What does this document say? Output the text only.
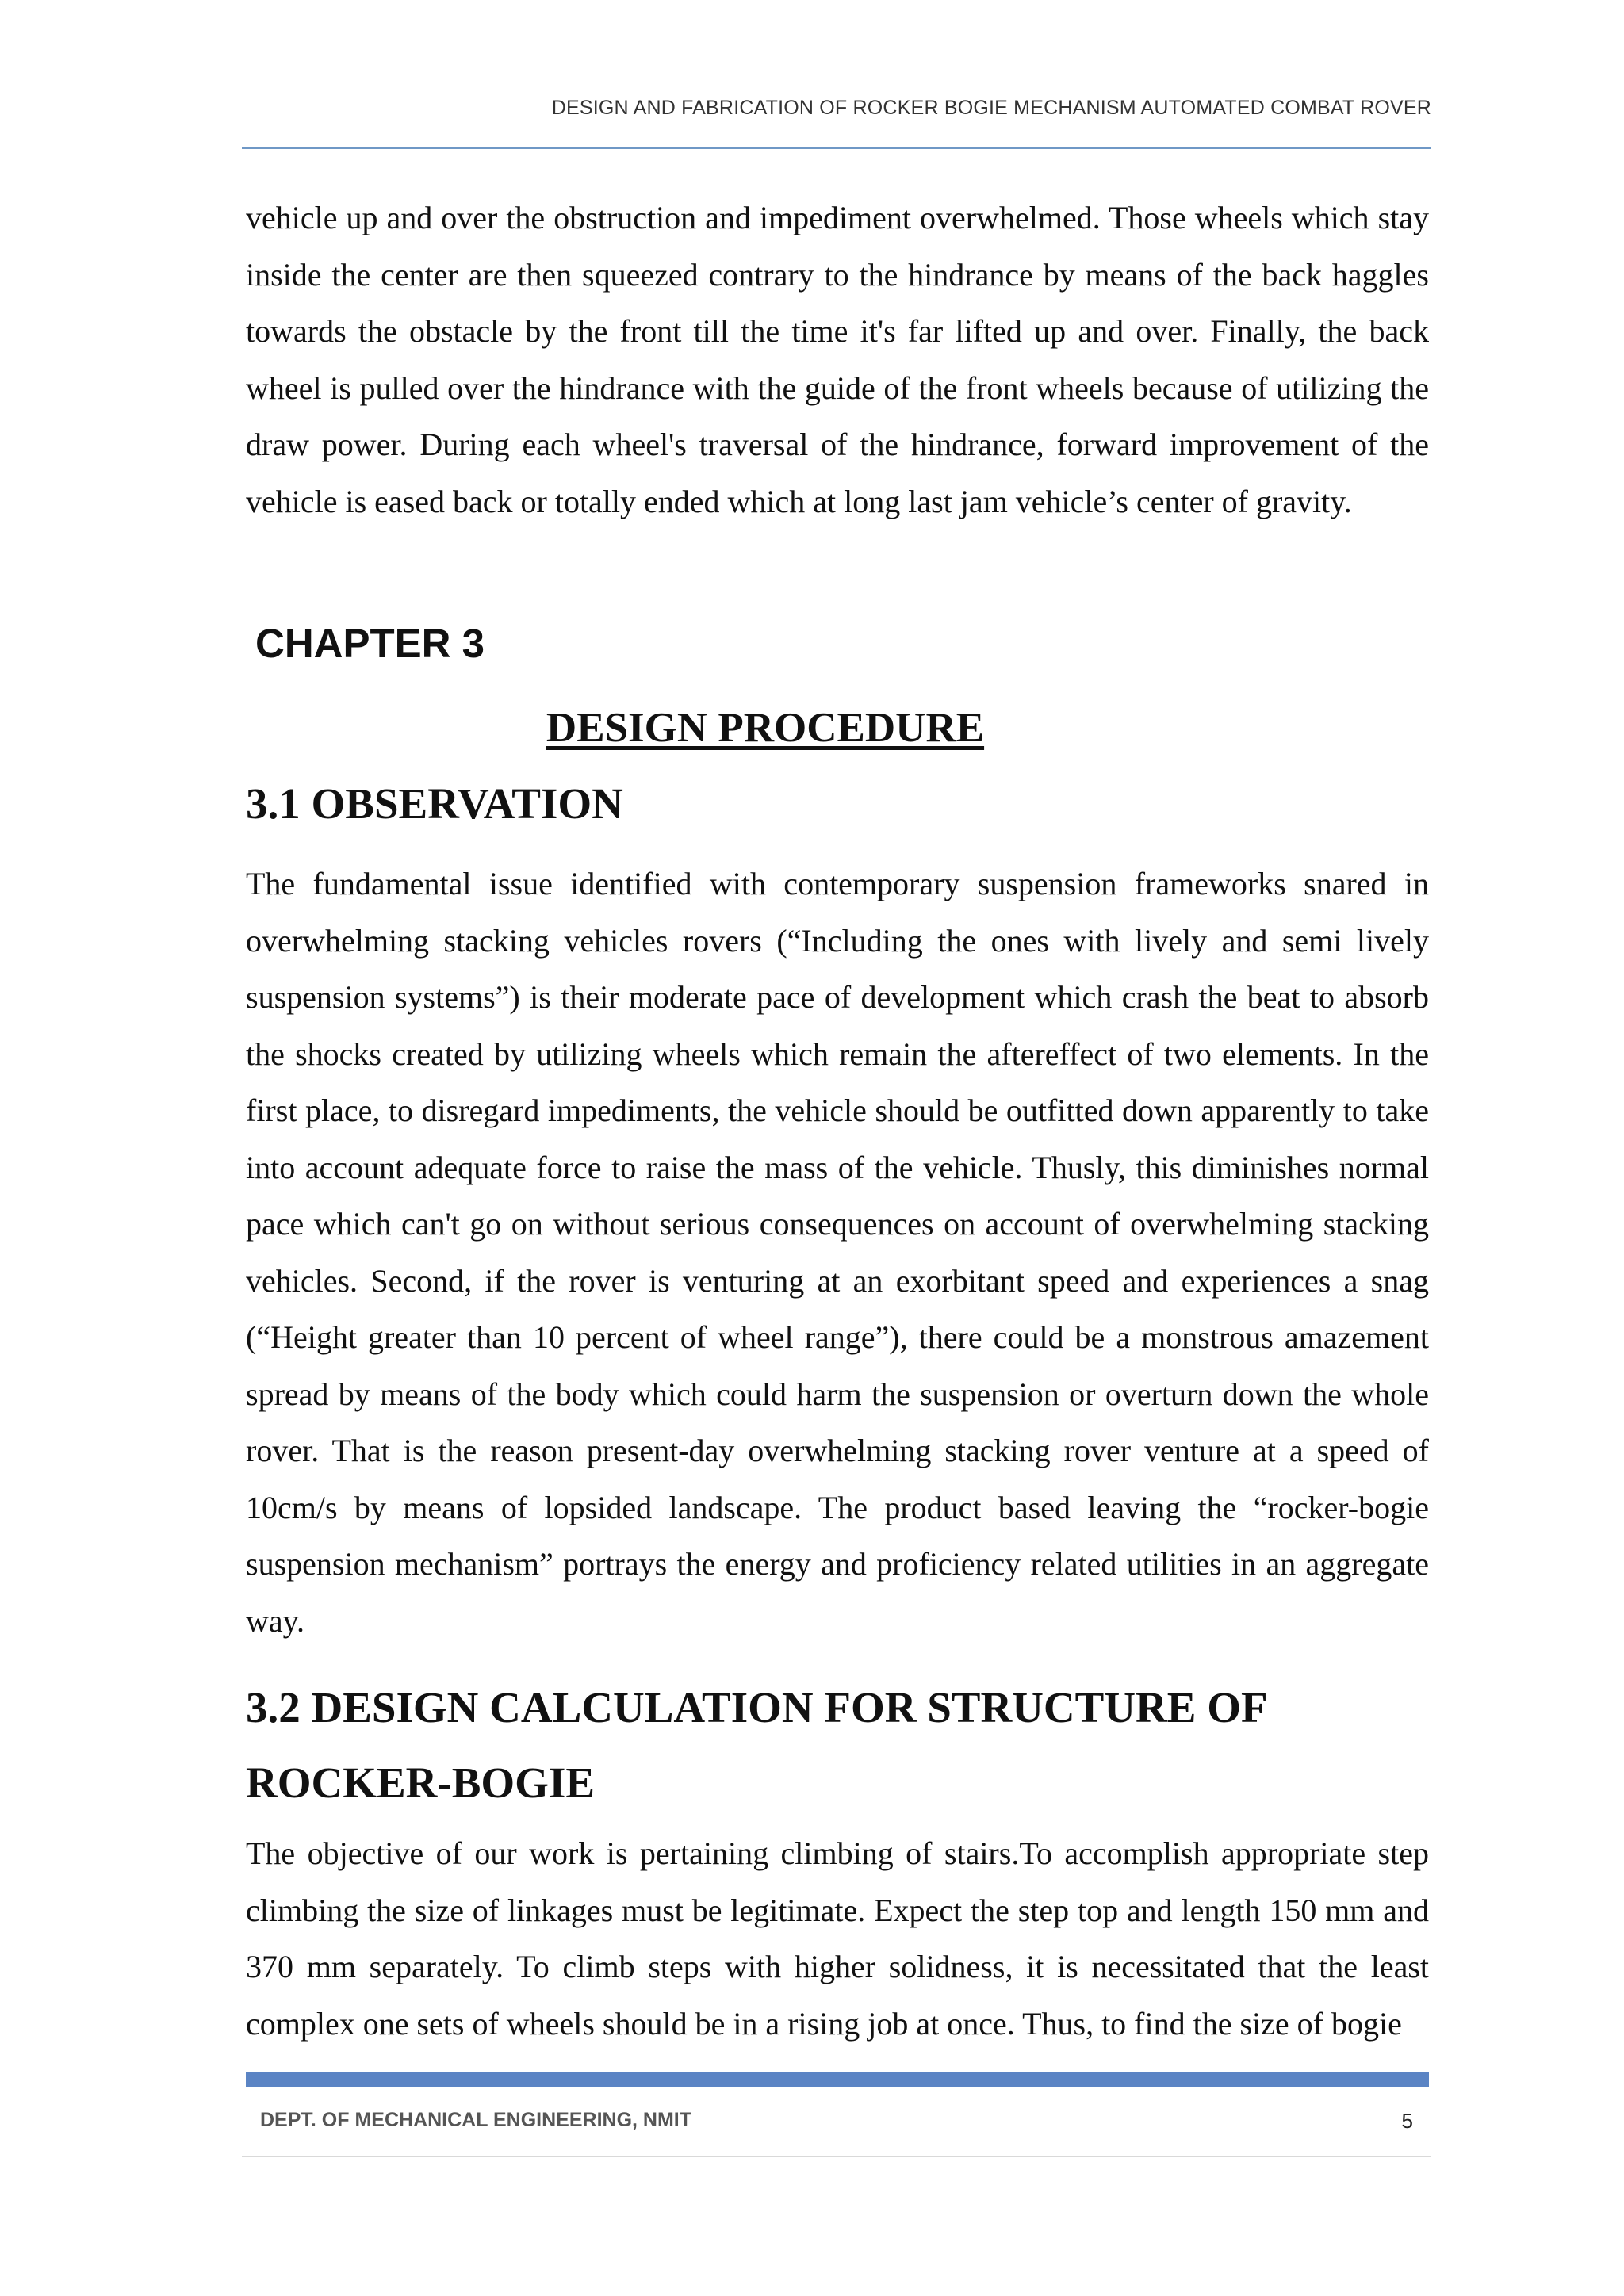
DESIGN AND FABRICATION OF ROCKER BOGIE MECHANISM AUTOMATED COMBAT ROVER

vehicle up and over the obstruction and impediment overwhelmed. Those wheels which stay inside the center are then squeezed contrary to the hindrance by means of the back haggles towards the obstacle by the front till the time it's far lifted up and over. Finally, the back wheel is pulled over the hindrance with the guide of the front wheels because of utilizing the draw power. During each wheel's traversal of the hindrance, forward improvement of the vehicle is eased back or totally ended which at long last jam vehicle’s center of gravity.

CHAPTER 3
DESIGN PROCEDURE
3.1 OBSERVATION

The fundamental issue identified with contemporary suspension frameworks snared in overwhelming stacking vehicles rovers (“Including the ones with lively and semi lively suspension systems”) is their moderate pace of development which crash the beat to absorb the shocks created by utilizing wheels which remain the aftereffect of two elements. In the first place, to disregard impediments, the vehicle should be outfitted down apparently to take into account adequate force to raise the mass of the vehicle. Thusly, this diminishes normal pace which can't go on without serious consequences on account of overwhelming stacking vehicles. Second, if the rover is venturing at an exorbitant speed and experiences a snag (“Height greater than 10 percent of wheel range”), there could be a monstrous amazement spread by means of the body which could harm the suspension or overturn down the whole rover. That is the reason present-day overwhelming stacking rover venture at a speed of 10cm/s by means of lopsided landscape. The product based leaving the “rocker-bogie suspension mechanism” portrays the energy and proficiency related utilities in an aggregate way.

3.2 DESIGN CALCULATION FOR STRUCTURE OF ROCKER-BOGIE

The objective of our work is pertaining climbing of stairs.To accomplish appropriate step climbing the size of linkages must be legitimate. Expect the step top and length 150 mm and 370 mm separately. To climb steps with higher solidness, it is necessitated that the least complex one sets of wheels should be in a rising job at once. Thus, to find the size of bogie

DEPT. OF MECHANICAL ENGINEERING, NMIT	5
